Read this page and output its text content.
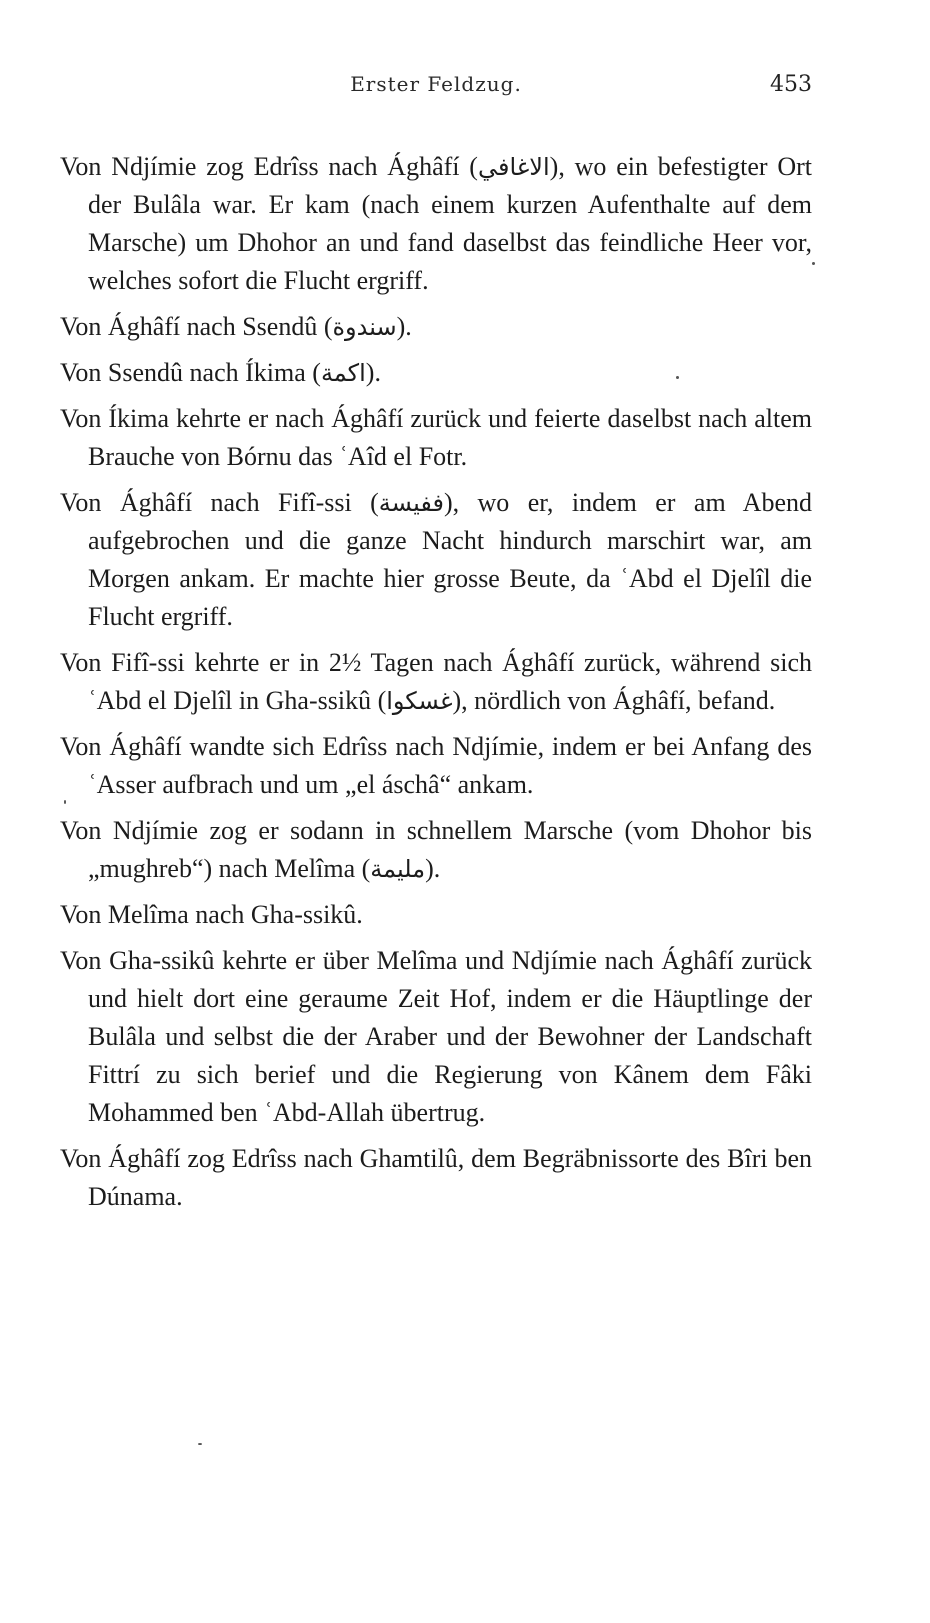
Erster Feldzug.	453

Von Ndjímie zog Edrîss nach Ághâfí (الاغافي), wo ein befestigter Ort der Bulâla war. Er kam (nach einem kurzen Aufenthalte auf dem Marsche) um Dhohor an und fand daselbst das feindliche Heer vor, welches sofort die Flucht ergriff.

Von Ághâfí nach Ssendû (سندوة).

Von Ssendû nach Íkima (اكمة).

Von Íkima kehrte er nach Ághâfí zurück und feierte daselbst nach altem Brauche von Bórnu das ʿAîd el Fotr.

Von Ághâfí nach Fifî-ssi (ففيسة), wo er, indem er am Abend aufgebrochen und die ganze Nacht hindurch marschirt war, am Morgen ankam. Er machte hier grosse Beute, da ʿAbd el Djelîl die Flucht ergriff.

Von Fifî-ssi kehrte er in 2½ Tagen nach Ághâfí zurück, während sich ʿAbd el Djelîl in Gha-ssikû (غسكوا), nördlich von Ághâfí, befand.

Von Ághâfí wandte sich Edrîss nach Ndjímie, indem er bei Anfang des ʿAsser aufbrach und um „el áschâ“ ankam.

Von Ndjímie zog er sodann in schnellem Marsche (vom Dhohor bis „mughreb“) nach Melîma (مليمة).

Von Melîma nach Gha-ssikû.

Von Gha-ssikû kehrte er über Melîma und Ndjímie nach Ághâfí zurück und hielt dort eine geraume Zeit Hof, indem er die Häuptlinge der Bulâla und selbst die der Araber und der Bewohner der Landschaft Fittrí zu sich berief und die Regierung von Kânem dem Fâki Mohammed ben ʿAbd-Allah übertrug.

Von Ághâfí zog Edrîss nach Ghamtilû, dem Begräbnissorte des Bîri ben Dúnama.
